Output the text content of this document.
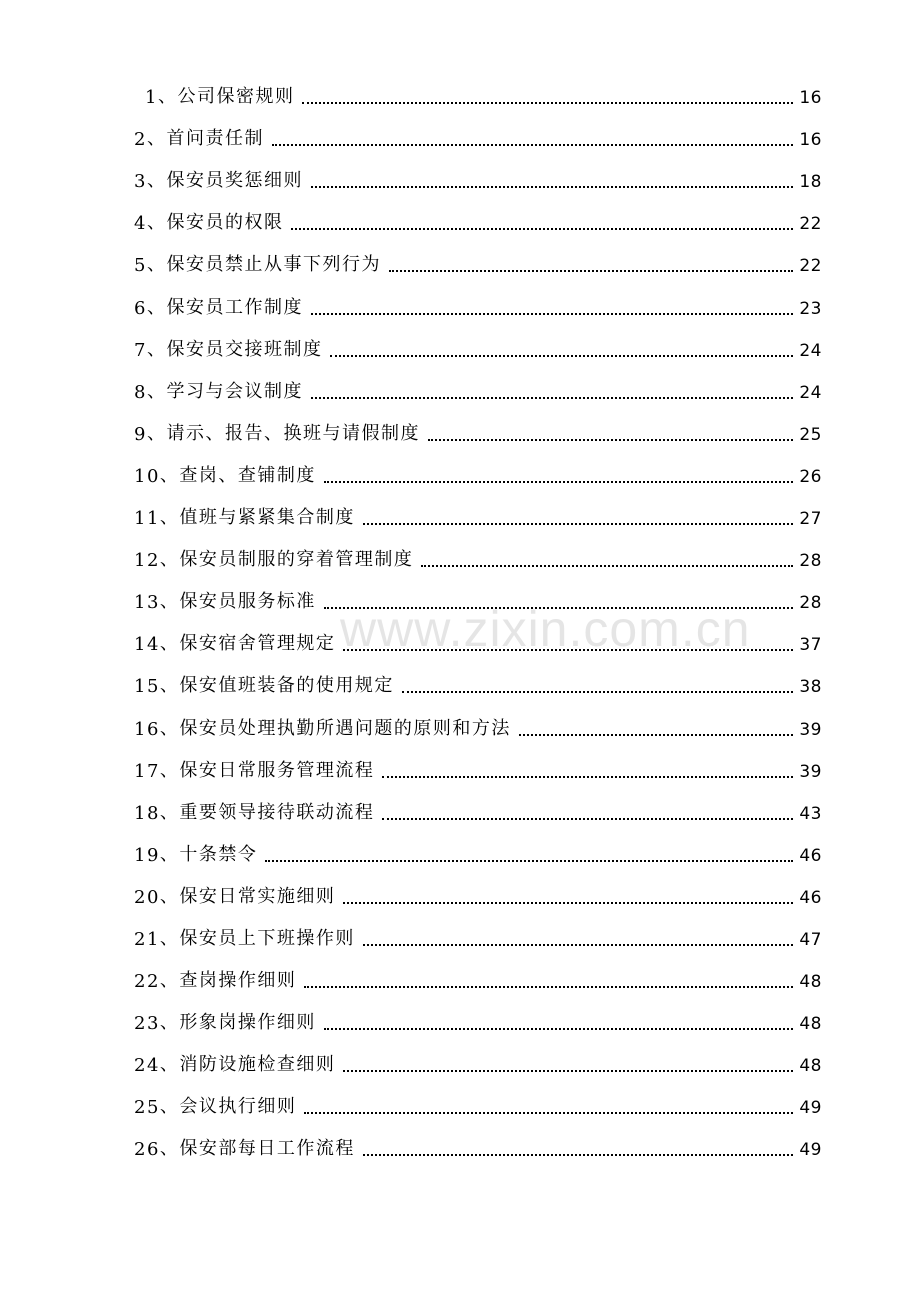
1 、 公司保密规则	16
2 、 首问责任制	16
3 、 保安员奖惩细则	18
4 、 保安员的权限	22
5 、 保安员禁止从事下列行为	22
6 、 保安员工作制度	23
7 、 保安员交接班制度	24
8 、 学习与会议制度	24
9 、 请示、报告、换班与请假制度	25
10 、 查岗、查铺制度	26
11 、 值班与紧紧集合制度	27
12 、 保安员制服的穿着管理制度	28
13 、 保安员服务标准	28
14 、 保安宿舍管理规定	37
15 、 保安值班装备的使用规定	38
16 、 保安员处理执勤所遇问题的原则和方法	39
17 、 保安日常服务管理流程	39
18 、 重要领导接待联动流程	43
19 、 十条禁令	46
20 、 保安日常实施细则	46
21 、 保安员上下班操作则	47
22 、 查岗操作细则	48
23 、 形象岗操作细则	48
24 、 消防设施检查细则	48
25 、 会议执行细则	49
26 、 保安部每日工作流程	49
www.zixin.com.cn
